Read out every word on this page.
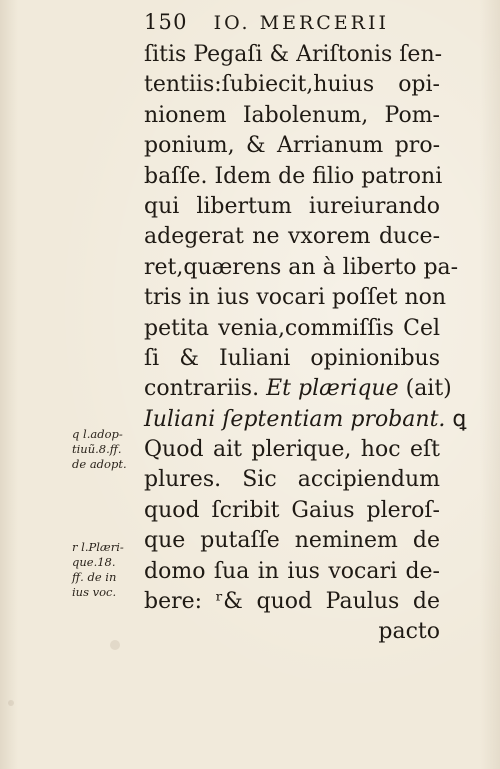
150 IO. MERCERII
ſitis Pegaſi & Ariſtonis ſen-
tentiis:ſubiecit,huius opi-
nionem Iabolenum, Pom-
ponium, & Arrianum pro-
baſſe. Idem de filio patroni
qui libertum iureiurando
adegerat ne vxorem duce-
ret,quærens an à liberto pa-
tris in ius vocari poſſet non
petita venia,commiſſis Cel
ſi & Iuliani opinionibus
contrariis. Et plærique (ait)
Iuliani ſeptentiam probant. ꝗ
Quod ait plerique, hoc eſt
plures. Sic accipiendum
quod ſcribit Gaius pleroſ-
que putaſſe neminem de
domo ſua in ius vocari de-
bere: ʳ& quod Paulus de
pacto
q l.adop-
tiuũ.8.ff.
de adopt.
r l.Plæri-
que.18.
ff. de in
ius voc.
